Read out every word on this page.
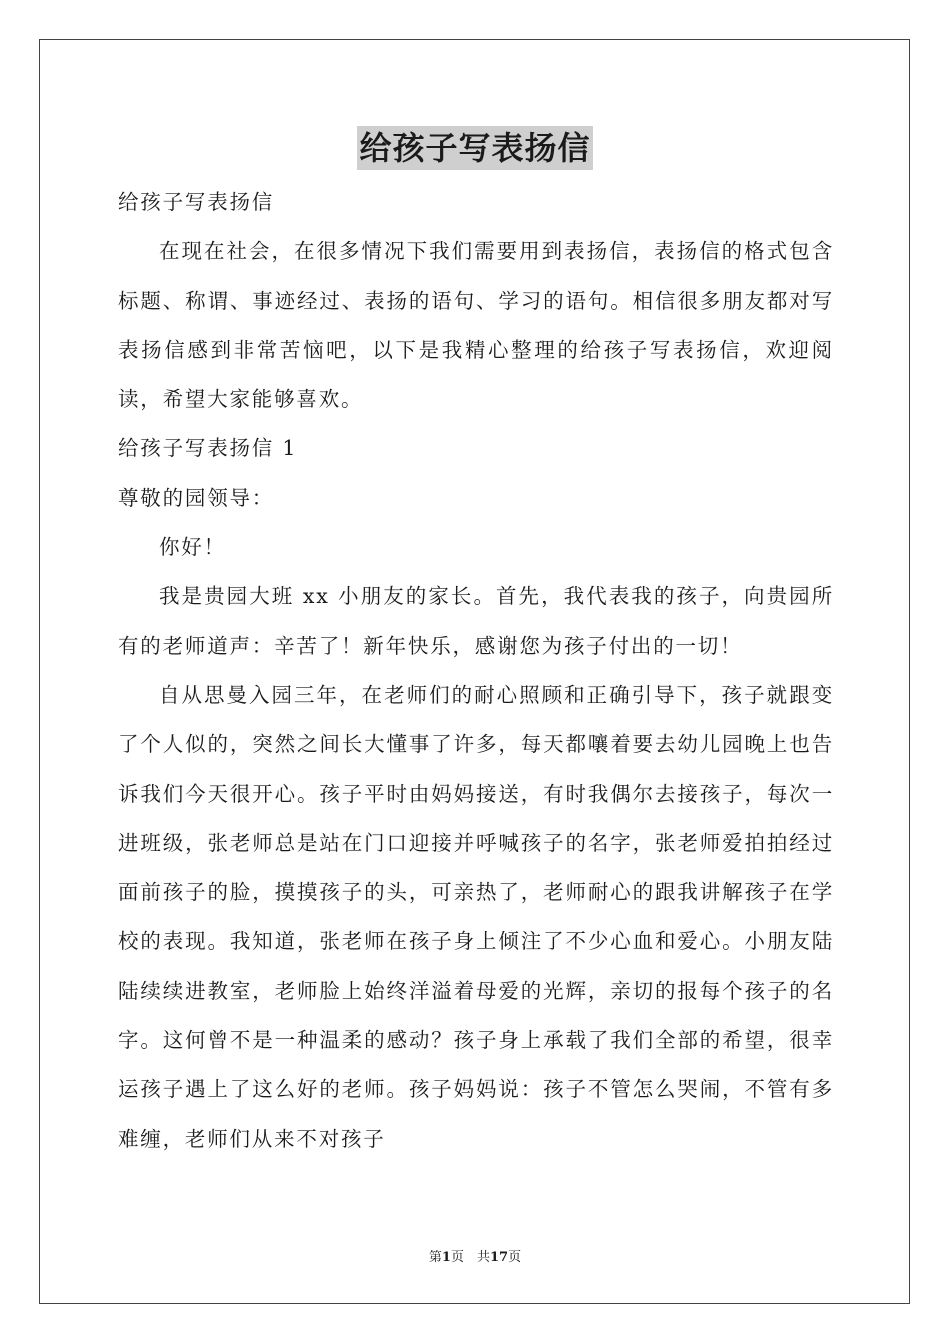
给孩子写表扬信

给孩子写表扬信

在现在社会，在很多情况下我们需要用到表扬信，表扬信的格式包含标题、称谓、事迹经过、表扬的语句、学习的语句。相信很多朋友都对写表扬信感到非常苦恼吧，以下是我精心整理的给孩子写表扬信，欢迎阅读，希望大家能够喜欢。

给孩子写表扬信 1

尊敬的园领导：

你好！

我是贵园大班 xx 小朋友的家长。首先，我代表我的孩子，向贵园所有的老师道声：辛苦了！新年快乐，感谢您为孩子付出的一切！

自从思曼入园三年，在老师们的耐心照顾和正确引导下，孩子就跟变了个人似的，突然之间长大懂事了许多，每天都嚷着要去幼儿园晚上也告诉我们今天很开心。孩子平时由妈妈接送，有时我偶尔去接孩子，每次一进班级，张老师总是站在门口迎接并呼喊孩子的名字，张老师爱拍拍经过面前孩子的脸，摸摸孩子的头，可亲热了，老师耐心的跟我讲解孩子在学校的表现。我知道，张老师在孩子身上倾注了不少心血和爱心。小朋友陆陆续续进教室，老师脸上始终洋溢着母爱的光辉，亲切的报每个孩子的名字。这何曾不是一种温柔的感动？孩子身上承载了我们全部的希望，很幸运孩子遇上了这么好的老师。孩子妈妈说：孩子不管怎么哭闹，不管有多难缠，老师们从来不对孩子

第1页　共17页
